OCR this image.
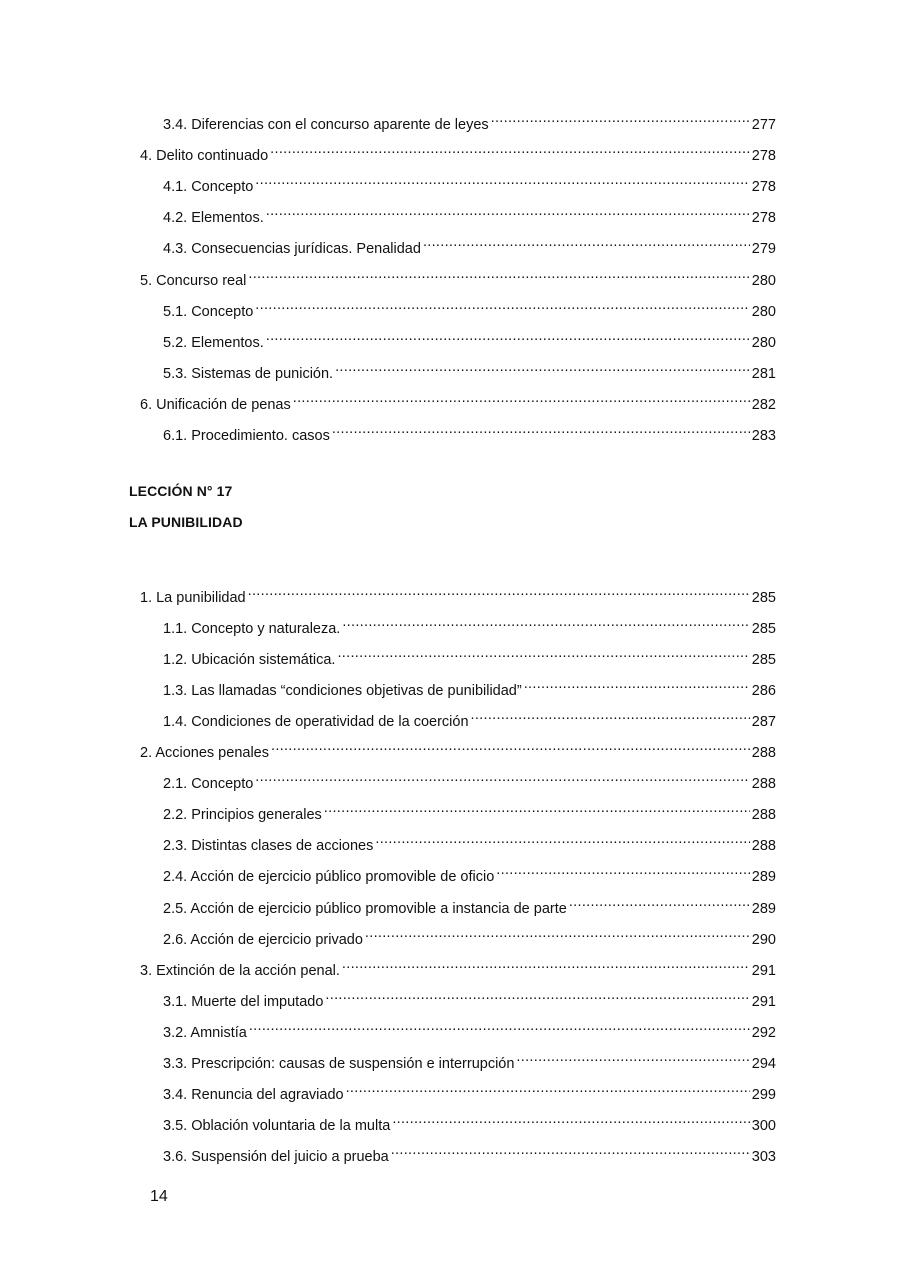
3.4. Diferencias con el concurso aparente de leyes .....	277
4. Delito continuado .....	278
4.1. Concepto .....	278
4.2. Elementos. .....	278
4.3. Consecuencias jurídicas. Penalidad .....	279
5. Concurso real .....	280
5.1. Concepto .....	280
5.2. Elementos. .....	280
5.3. Sistemas de punición. .....	281
6. Unificación de penas .....	282
6.1. Procedimiento. casos .....	283
LECCIÓN N° 17
LA PUNIBILIDAD
1. La punibilidad .....	285
1.1. Concepto y naturaleza. .....	285
1.2. Ubicación sistemática. .....	285
1.3. Las llamadas “condiciones objetivas de punibilidad” .....	286
1.4. Condiciones de operatividad de la coerción .....	287
2. Acciones penales .....	288
2.1. Concepto .....	288
2.2. Principios generales .....	288
2.3. Distintas clases de acciones .....	288
2.4. Acción de ejercicio público promovible de oficio .....	289
2.5. Acción de ejercicio público promovible a instancia de parte .....	289
2.6. Acción de ejercicio privado .....	290
3. Extinción de la acción penal. .....	291
3.1. Muerte del imputado .....	291
3.2. Amnistía .....	292
3.3. Prescripción: causas de suspensión e interrupción .....	294
3.4. Renuncia del agraviado .....	299
3.5. Oblación voluntaria de la multa .....	300
3.6. Suspensión del juicio a prueba .....	303
14
